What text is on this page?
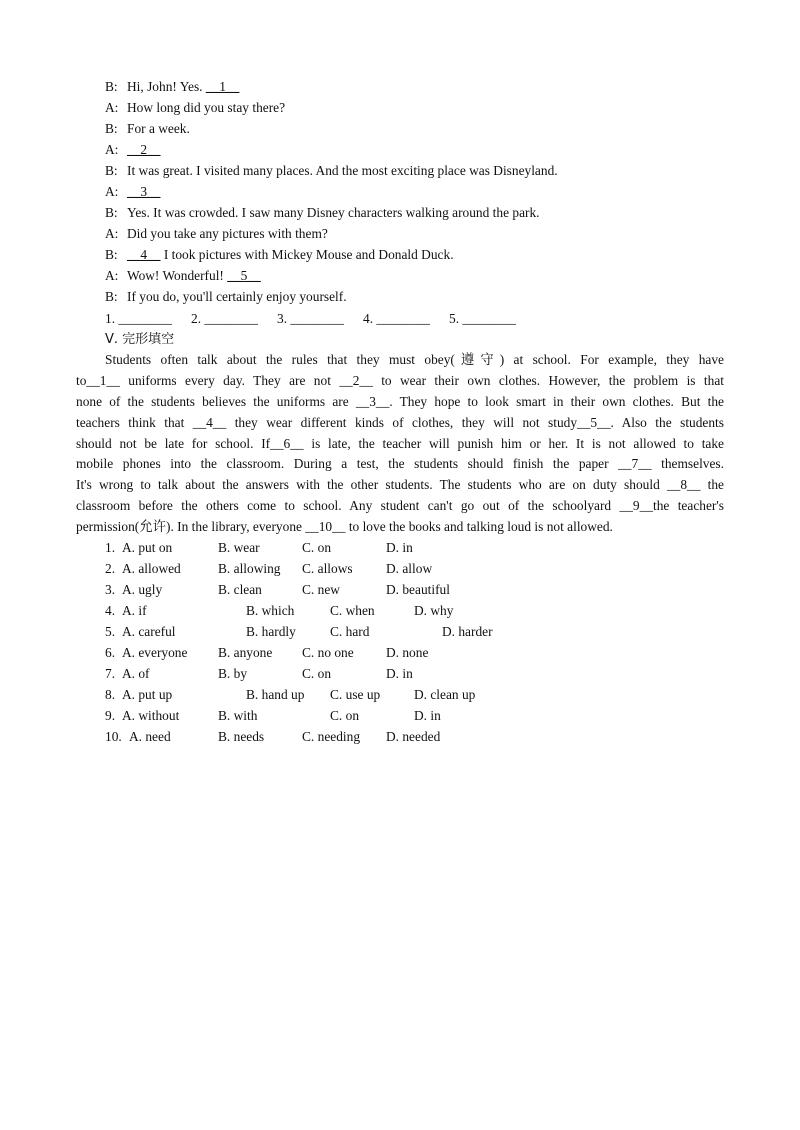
B: Hi, John! Yes. __1__
A: How long did you stay there?
B: For a week.
A: __2__
B: It was great. I visited many places. And the most exciting place was Disneyland.
A: __3__
B: Yes. It was crowded. I saw many Disney characters walking around the park.
A: Did you take any pictures with them?
B: __4__ I took pictures with Mickey Mouse and Donald Duck.
A: Wow! Wonderful! __5__
B: If you do, you'll certainly enjoy yourself.
1. ________ 2. ________ 3. ________ 4. ________ 5. ________
Ⅴ. 完形填空
Students often talk about the rules that they must obey(遵守) at school. For example, they have
to__1__ uniforms every day. They are not __2__ to wear their own clothes. However, the problem is that
none of the students believes the uniforms are __3__. They hope to look smart in their own clothes. But the
teachers think that __4__ they wear different kinds of clothes, they will not study__5__. Also the students
should not be late for school. If__6__ is late, the teacher will punish him or her. It is not allowed to take
mobile phones into the classroom. During a test, the students should finish the paper __7__ themselves.
It's wrong to talk about the answers with the other students. The students who are on duty should __8__ the
classroom before the others come to school. Any student can't go out of the schoolyard __9__the teacher's
permission(允许). In the library, everyone __10__ to love the books and talking loud is not allowed.
1. A. put on	B. wear	C. on	D. in
2. A. allowed	B. allowing C. allows D. allow
3. A. ugly	B. clean	C. new	D. beautiful
4. A. if	B. which	C. when	D. why
5. A. careful	B. hardly	C. hard	D. harder
6. A. everyone B. anyone C. no one D. none
7. A. of	B. by	C. on	D. in
8. A. put up	B. hand up C. use up	D. clean up
9. A. without	B. with	C. on	D. in
10. A. need	B. needs	C. needing D. needed
